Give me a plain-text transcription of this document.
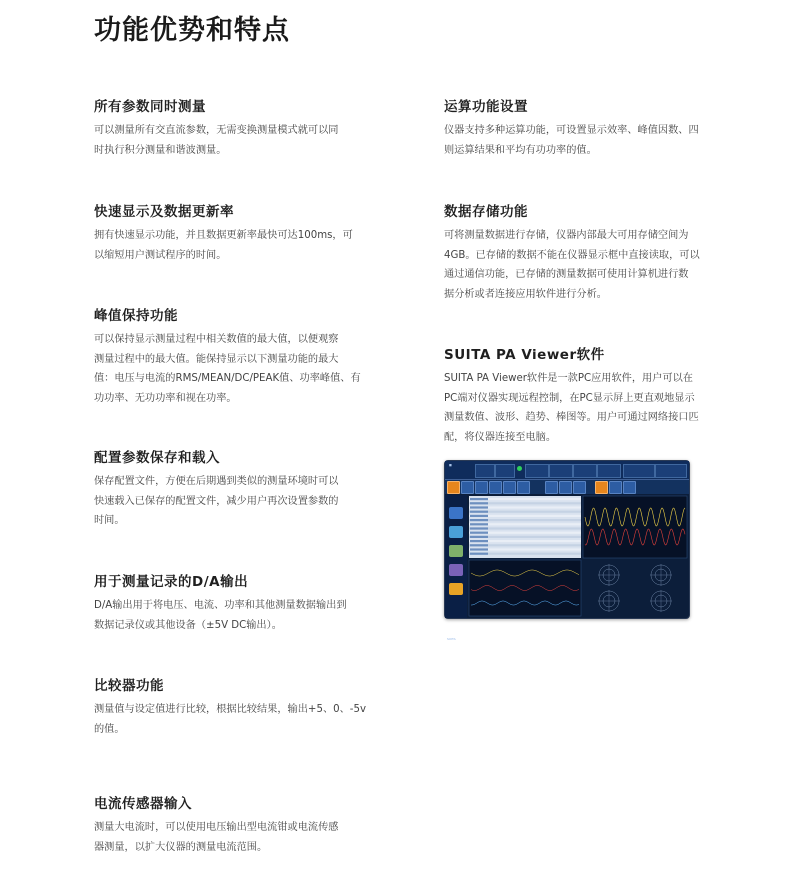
功能优势和特点
所有参数同时测量

可以测量所有交直流参数，无需变换测量模式就可以同
时执行积分测量和谐波测量。

快速显示及数据更新率

拥有快速显示功能，并且数据更新率最快可达100ms，可
以缩短用户测试程序的时间。

峰值保持功能

可以保持显示测量过程中相关数值的最大值，以便观察
测量过程中的最大值。能保持显示以下测量功能的最大
值：电压与电流的RMS/MEAN/DC/PEAK值、功率峰值、有
功功率、无功功率和视在功率。

配置参数保存和载入

保存配置文件，方便在后期遇到类似的测量环境时可以
快速载入已保存的配置文件，减少用户再次设置参数的
时间。

用于测量记录的D/A输出

D/A输出用于将电压、电流、功率和其他测量数据输出到
数据记录仪或其他设备（±5V DC输出）。

比较器功能

测量值与设定值进行比较，根据比较结果，输出+5、0、-5v
的值。

电流传感器输入

测量大电流时，可以使用电压输出型电流钳或电流传感
器测量，以扩大仪器的测量电流范围。

运算功能设置

仪器支持多种运算功能，可设置显示效率、峰值因数、四
则运算结果和平均有功功率的值。

数据存储功能

可将测量数据进行存储，仪器内部最大可用存储空间为
4GB。已存储的数据不能在仪器显示框中直接读取，可以
通过通信功能，已存储的测量数据可使用计算机进行数
据分析或者连接应用软件进行分析。

SUITA PA Viewer软件

SUITA PA Viewer软件是一款PC应用软件，用户可以在
PC端对仪器实现远程控制，在PC显示屏上更直观地显示
测量数值、波形、趋势、棒图等。用户可通过网络接口匹
配，将仪器连接至电脑。

■
SUITA
